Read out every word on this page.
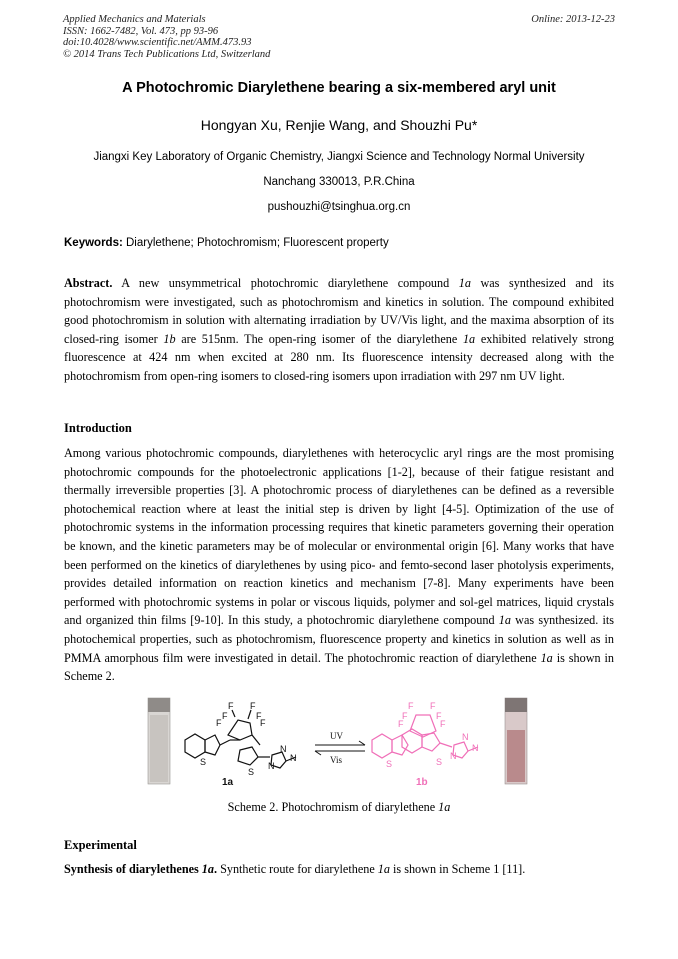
Applied Mechanics and Materials
ISSN: 1662-7482, Vol. 473, pp 93-96
doi:10.4028/www.scientific.net/AMM.473.93
© 2014 Trans Tech Publications Ltd, Switzerland
Online: 2013-12-23
A Photochromic Diarylethene bearing a six-membered aryl unit
Hongyan Xu, Renjie Wang, and Shouzhi Pu*
Jiangxi Key Laboratory of Organic Chemistry, Jiangxi Science and Technology Normal University
Nanchang 330013, P.R.China
pushouzhi@tsinghua.org.cn
Keywords: Diarylethene; Photochromism; Fluorescent property

Abstract. A new unsymmetrical photochromic diarylethene compound 1a was synthesized and its photochromism were investigated, such as photochromism and kinetics in solution. The compound exhibited good photochromism in solution with alternating irradiation by UV/Vis light, and the maxima absorption of its closed-ring isomer 1b are 515nm. The open-ring isomer of the diarylethene 1a exhibited relatively strong fluorescence at 424 nm when excited at 280 nm. Its fluorescence intensity decreased along with the photochromism from open-ring isomers to closed-ring isomers upon irradiation with 297 nm UV light.

Introduction

Among various photochromic compounds, diarylethenes with heterocyclic aryl rings are the most promising photochromic compounds for the photoelectronic applications [1-2], because of their fatigue resistant and thermally irreversible properties [3]. A photochromic process of diarylethenes can be defined as a reversible photochemical reaction where at least the initial step is driven by light [4-5]. Optimization of the use of photochromic systems in the information processing requires that kinetic parameters governing their operation be known, and the kinetic parameters may be of molecular or environmental origin [6]. Many works that have been performed on the kinetics of diarylethenes by using pico- and femto-second laser photolysis experiments, provides detailed information on reaction kinetics and mechanism [7-8]. Many experiments have been performed with photochromic systems in polar or viscous liquids, polymer and sol-gel matrices, liquid crystals and organized thin films [9-10]. In this study, a photochromic diarylethene compound 1a was synthesized. its photochemical properties, such as photochromism, fluorescence property and kinetics in solution as well as in PMMA amorphous film were investigated in detail. The photochromic reaction of diarylethene 1a is shown in Scheme 2.

F F
F	F
F	F
S
S
N
N
N
1a
UV
Vis
F F
F	F
F	F
S	S
N
N
N
1b
Scheme 2. Photochromism of diarylethene 1a
Experimental
Synthesis of diarylethenes 1a. Synthetic route for diarylethene 1a is shown in Scheme 1 [11].
